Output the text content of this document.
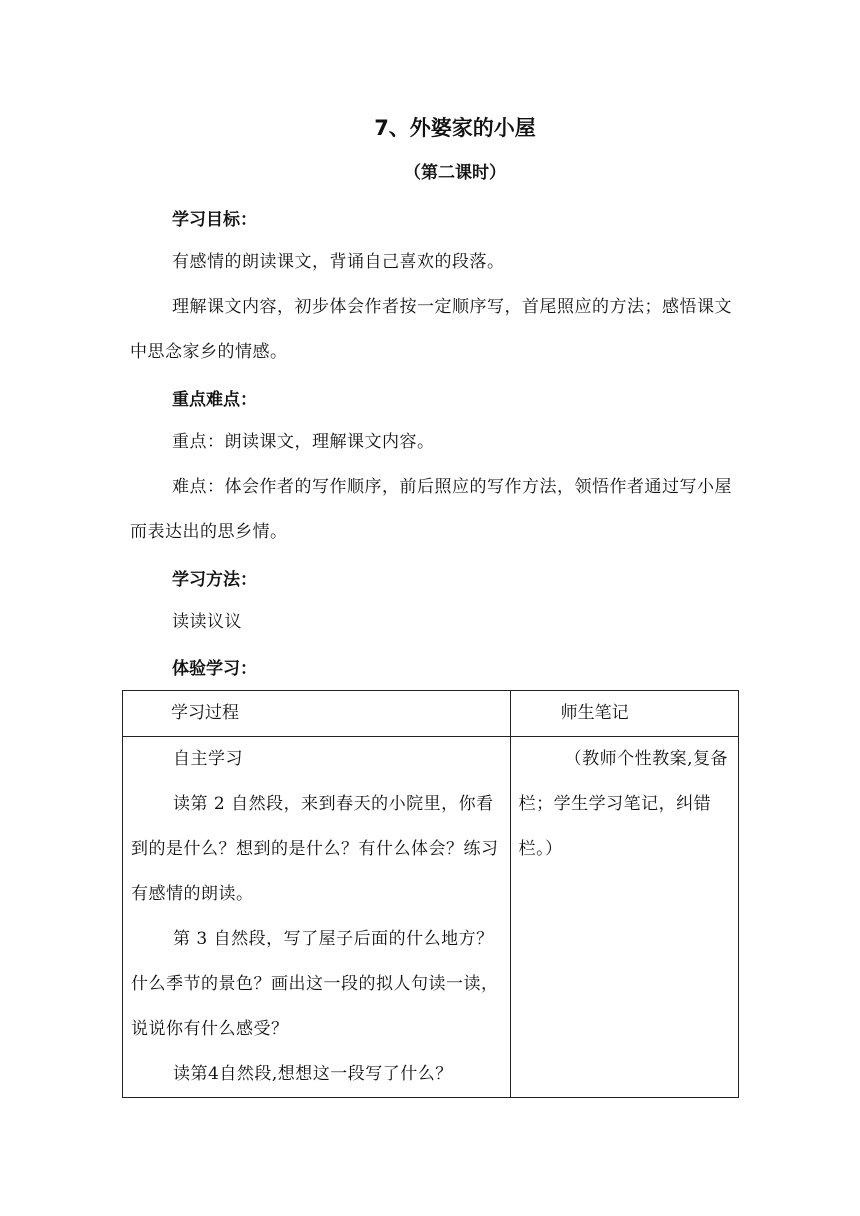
7、外婆家的小屋
（第二课时）
学习目标：
有感情的朗读课文，背诵自己喜欢的段落。
理解课文内容，初步体会作者按一定顺序写，首尾照应的方法；感悟课文中思念家乡的情感。
重点难点：
重点：朗读课文，理解课文内容。
难点：体会作者的写作顺序，前后照应的写作方法，领悟作者通过写小屋而表达出的思乡情。
学习方法：
读读议议
体验学习：
学习过程	师生笔记

自主学习

读第 2 自然段，来到春天的小院里，你看到的是什么？想到的是什么？有什么体会？练习有感情的朗读。

第 3 自然段，写了屋子后面的什么地方？什么季节的景色？画出这一段的拟人句读一读，说说你有什么感受？

读第4自然段,想想这一段写了什么？	（教师个性教案,复备栏；学生学习笔记，纠错栏。）
